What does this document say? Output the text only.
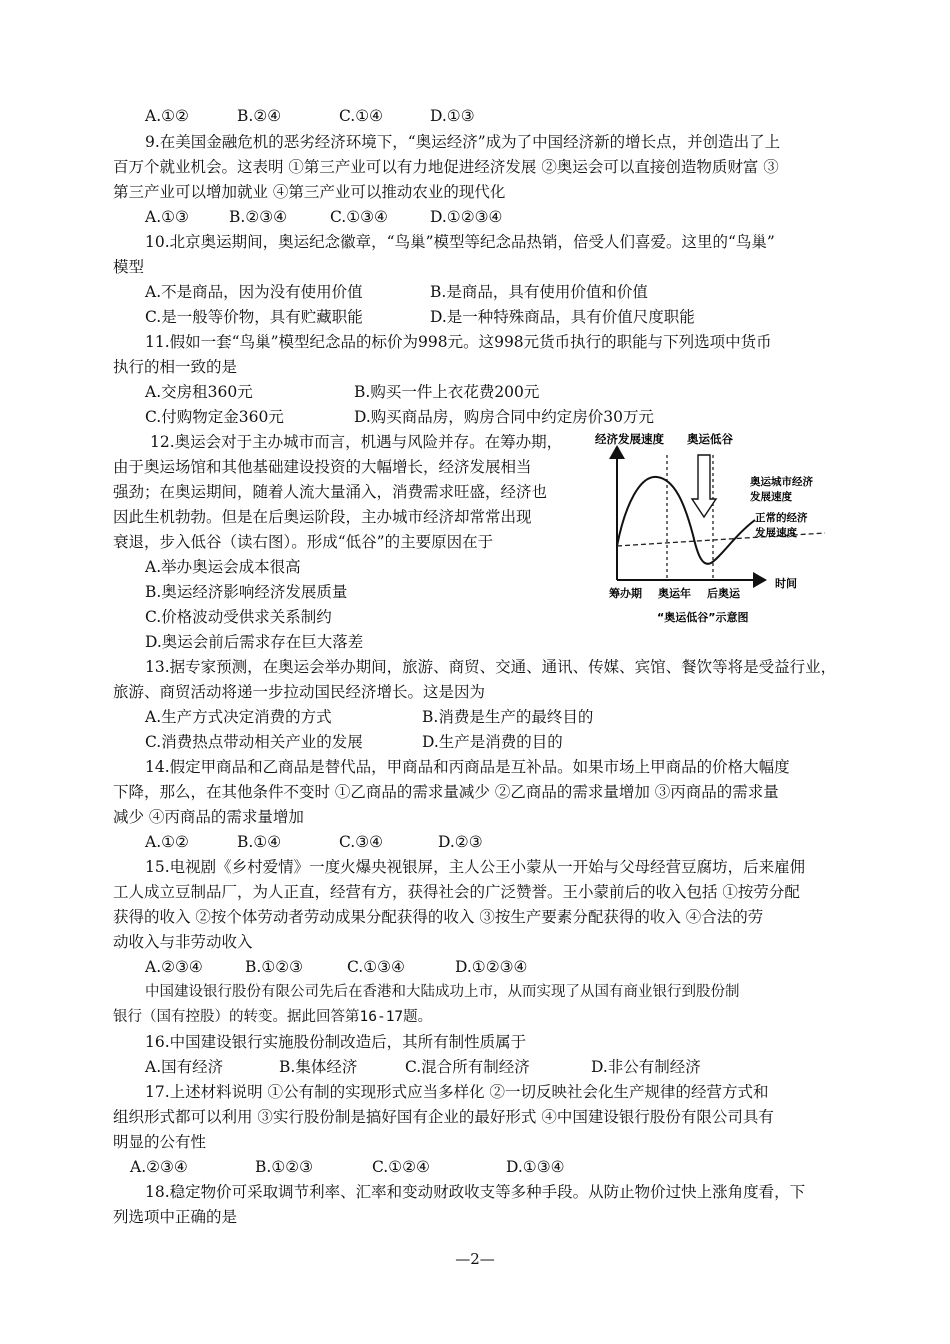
A.①②	B.②④	C.①④	D.①③
9.在美国金融危机的恶劣经济环境下，“奥运经济”成为了中国经济新的增长点，并创造出了上
百万个就业机会。这表明 ①第三产业可以有力地促进经济发展 ②奥运会可以直接创造物质财富 ③
第三产业可以增加就业 ④第三产业可以推动农业的现代化
A.①③	B.②③④	C.①③④	D.①②③④
10.北京奥运期间，奥运纪念徽章，“鸟巢”模型等纪念品热销，倍受人们喜爱。这里的“鸟巢”
模型
A.不是商品，因为没有使用价值	B.是商品，具有使用价值和价值
C.是一般等价物，具有贮藏职能	D.是一种特殊商品，具有价值尺度职能
11.假如一套“鸟巢”模型纪念品的标价为998元。这998元货币执行的职能与下列选项中货币
执行的相一致的是
A.交房租360元	B.购买一件上衣花费200元
C.付购物定金360元	D.购买商品房，购房合同中约定房价30万元
12.奥运会对于主办城市而言，机遇与风险并存。在筹办期，
由于奥运场馆和其他基础建设投资的大幅增长，经济发展相当
强劲；在奥运期间，随着人流大量涌入，消费需求旺盛，经济也
因此生机勃勃。但是在后奥运阶段，主办城市经济却常常出现
衰退，步入低谷（读右图）。形成“低谷”的主要原因在于
A.举办奥运会成本很高
B.奥运经济影响经济发展质量
C.价格波动受供求关系制约
D.奥运会前后需求存在巨大落差
经济发展速度 奥运低谷
奥运城市经济
发展速度
正常的经济
发展速度
筹办期 奥运年 后奥运
时间
“奥运低谷”示意图
13.据专家预测，在奥运会举办期间，旅游、商贸、交通、通讯、传媒、宾馆、餐饮等将是受益行业，
旅游、商贸活动将递一步拉动国民经济增长。这是因为
A.生产方式决定消费的方式	B.消费是生产的最终目的
C.消费热点带动相关产业的发展	D.生产是消费的目的
14.假定甲商品和乙商品是替代品，甲商品和丙商品是互补品。如果市场上甲商品的价格大幅度
下降，那么，在其他条件不变时 ①乙商品的需求量减少 ②乙商品的需求量增加 ③丙商品的需求量
减少 ④丙商品的需求量增加
A.①②	B.①④	C.③④	D.②③
15.电视剧《乡村爱情》一度火爆央视银屏，主人公王小蒙从一开始与父母经营豆腐坊，后来雇佣
工人成立豆制品厂，为人正直，经营有方，获得社会的广泛赞誉。王小蒙前后的收入包括 ①按劳分配
获得的收入 ②按个体劳动者劳动成果分配获得的收入 ③按生产要素分配获得的收入 ④合法的劳
动收入与非劳动收入
A.②③④	B.①②③	C.①③④	D.①②③④
中国建设银行股份有限公司先后在香港和大陆成功上市，从而实现了从国有商业银行到股份制
银行（国有控股）的转变。据此回答第16-17题。
16.中国建设银行实施股份制改造后，其所有制性质属于
A.国有经济	B.集体经济	C.混合所有制经济	D.非公有制经济
17.上述材料说明 ①公有制的实现形式应当多样化 ②一切反映社会化生产规律的经营方式和
组织形式都可以利用 ③实行股份制是搞好国有企业的最好形式 ④中国建设银行股份有限公司具有
明显的公有性
A.②③④	B.①②③	C.①②④	D.①③④
18.稳定物价可采取调节利率、汇率和变动财政收支等多种手段。从防止物价过快上涨角度看，下
列选项中正确的是
—2—
